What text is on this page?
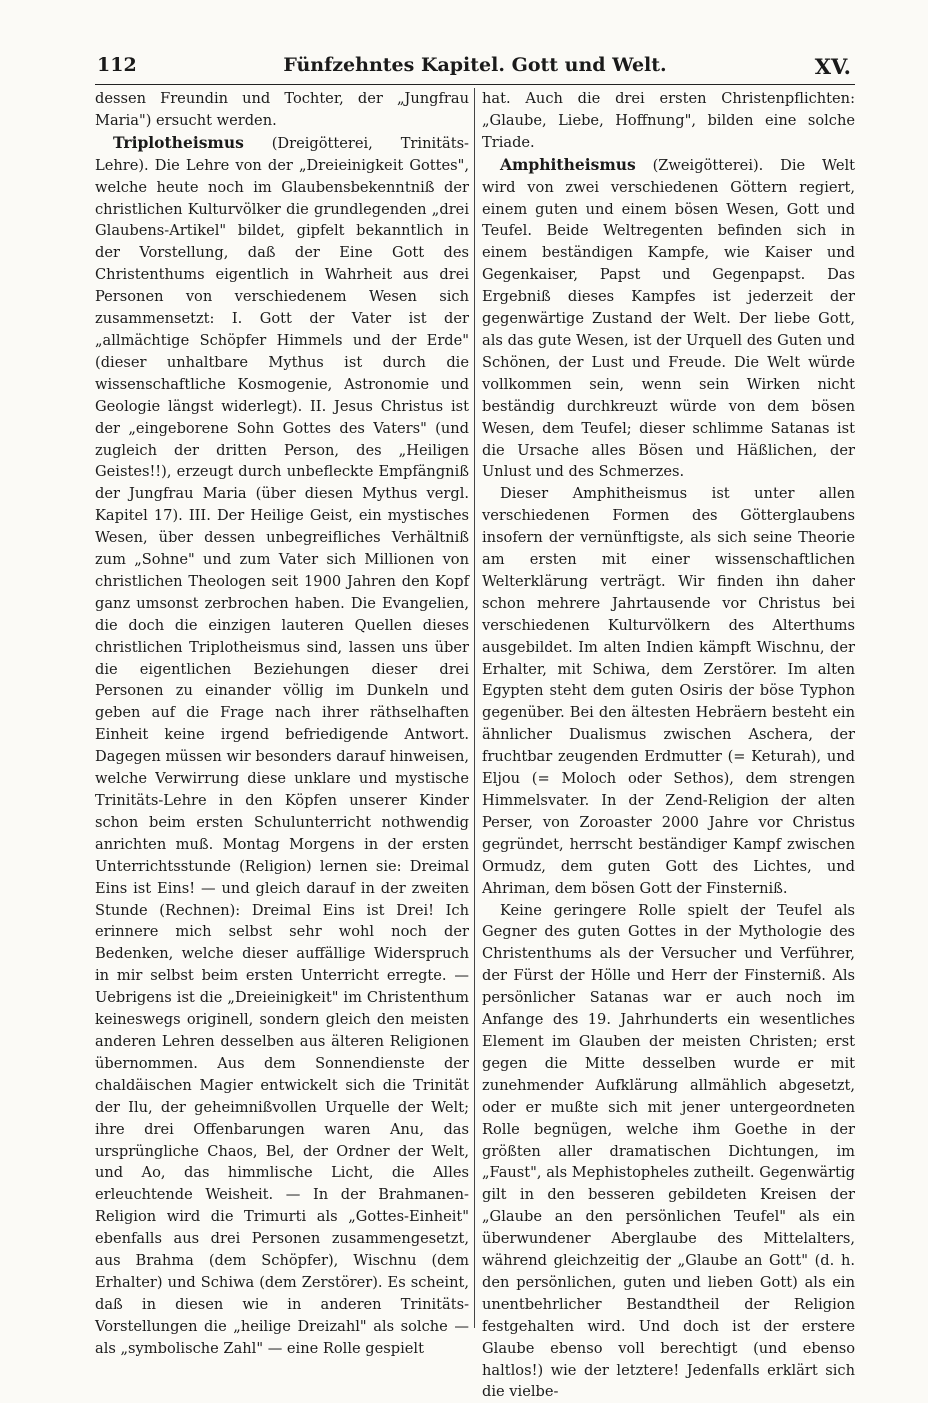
112	Fünfzehntes Kapitel. Gott und Welt.	XV.

dessen Freundin und Tochter, der „Jungfrau Maria") ersucht werden.

Triplotheismus (Dreigötterei, Trinitäts-Lehre). Die Lehre von der „Dreieinigkeit Gottes", welche heute noch im Glaubensbekenntniß der christlichen Kulturvölker die grundlegenden „drei Glaubens-Artikel" bildet, gipfelt bekanntlich in der Vorstellung, daß der Eine Gott des Christenthums eigentlich in Wahrheit aus drei Personen von verschiedenem Wesen sich zusammensetzt: I. Gott der Vater ist der „allmächtige Schöpfer Himmels und der Erde" (dieser unhaltbare Mythus ist durch die wissenschaftliche Kosmogenie, Astronomie und Geologie längst widerlegt). II. Jesus Christus ist der „eingeborene Sohn Gottes des Vaters" (und zugleich der dritten Person, des „Heiligen Geistes!!), erzeugt durch unbefleckte Empfängniß der Jungfrau Maria (über diesen Mythus vergl. Kapitel 17). III. Der Heilige Geist, ein mystisches Wesen, über dessen unbegreifliches Verhältniß zum „Sohne" und zum Vater sich Millionen von christlichen Theologen seit 1900 Jahren den Kopf ganz umsonst zerbrochen haben. Die Evangelien, die doch die einzigen lauteren Quellen dieses christlichen Triplotheismus sind, lassen uns über die eigentlichen Beziehungen dieser drei Personen zu einander völlig im Dunkeln und geben auf die Frage nach ihrer räthselhaften Einheit keine irgend befriedigende Antwort. Dagegen müssen wir besonders darauf hinweisen, welche Verwirrung diese unklare und mystische Trinitäts-Lehre in den Köpfen unserer Kinder schon beim ersten Schulunterricht nothwendig anrichten muß. Montag Morgens in der ersten Unterrichtsstunde (Religion) lernen sie: Dreimal Eins ist Eins! — und gleich darauf in der zweiten Stunde (Rechnen): Dreimal Eins ist Drei! Ich erinnere mich selbst sehr wohl noch der Bedenken, welche dieser auffällige Widerspruch in mir selbst beim ersten Unterricht erregte. — Uebrigens ist die „Dreieinigkeit" im Christenthum keineswegs originell, sondern gleich den meisten anderen Lehren desselben aus älteren Religionen übernommen. Aus dem Sonnendienste der chaldäischen Magier entwickelt sich die Trinität der Ilu, der geheimnißvollen Urquelle der Welt; ihre drei Offenbarungen waren Anu, das ursprüngliche Chaos, Bel, der Ordner der Welt, und Ao, das himmlische Licht, die Alles erleuchtende Weisheit. — In der Brahmanen-Religion wird die Trimurti als „Gottes-Einheit" ebenfalls aus drei Personen zusammengesetzt, aus Brahma (dem Schöpfer), Wischnu (dem Erhalter) und Schiwa (dem Zerstörer). Es scheint, daß in diesen wie in anderen Trinitäts-Vorstellungen die „heilige Dreizahl" als solche — als „symbolische Zahl" — eine Rolle gespielt

hat. Auch die drei ersten Christenpflichten: „Glaube, Liebe, Hoffnung", bilden eine solche Triade.

Amphitheismus (Zweigötterei). Die Welt wird von zwei verschiedenen Göttern regiert, einem guten und einem bösen Wesen, Gott und Teufel. Beide Weltregenten befinden sich in einem beständigen Kampfe, wie Kaiser und Gegenkaiser, Papst und Gegenpapst. Das Ergebniß dieses Kampfes ist jederzeit der gegenwärtige Zustand der Welt. Der liebe Gott, als das gute Wesen, ist der Urquell des Guten und Schönen, der Lust und Freude. Die Welt würde vollkommen sein, wenn sein Wirken nicht beständig durchkreuzt würde von dem bösen Wesen, dem Teufel; dieser schlimme Satanas ist die Ursache alles Bösen und Häßlichen, der Unlust und des Schmerzes.

Dieser Amphitheismus ist unter allen verschiedenen Formen des Götterglaubens insofern der vernünftigste, als sich seine Theorie am ersten mit einer wissenschaftlichen Welterklärung verträgt. Wir finden ihn daher schon mehrere Jahrtausende vor Christus bei verschiedenen Kulturvölkern des Alterthums ausgebildet. Im alten Indien kämpft Wischnu, der Erhalter, mit Schiwa, dem Zerstörer. Im alten Egypten steht dem guten Osiris der böse Typhon gegenüber. Bei den ältesten Hebräern besteht ein ähnlicher Dualismus zwischen Aschera, der fruchtbar zeugenden Erdmutter (= Keturah), und Eljou (= Moloch oder Sethos), dem strengen Himmelsvater. In der Zend-Religion der alten Perser, von Zoroaster 2000 Jahre vor Christus gegründet, herrscht beständiger Kampf zwischen Ormudz, dem guten Gott des Lichtes, und Ahriman, dem bösen Gott der Finsterniß.

Keine geringere Rolle spielt der Teufel als Gegner des guten Gottes in der Mythologie des Christenthums als der Versucher und Verführer, der Fürst der Hölle und Herr der Finsterniß. Als persönlicher Satanas war er auch noch im Anfange des 19. Jahrhunderts ein wesentliches Element im Glauben der meisten Christen; erst gegen die Mitte desselben wurde er mit zunehmender Aufklärung allmählich abgesetzt, oder er mußte sich mit jener untergeordneten Rolle begnügen, welche ihm Goethe in der größten aller dramatischen Dichtungen, im „Faust", als Mephistopheles zutheilt. Gegenwärtig gilt in den besseren gebildeten Kreisen der „Glaube an den persönlichen Teufel" als ein überwundener Aberglaube des Mittelalters, während gleichzeitig der „Glaube an Gott" (d. h. den persönlichen, guten und lieben Gott) als ein unentbehrlicher Bestandtheil der Religion festgehalten wird. Und doch ist der erstere Glaube ebenso voll berechtigt (und ebenso haltlos!) wie der letztere! Jedenfalls erklärt sich die vielbe-
